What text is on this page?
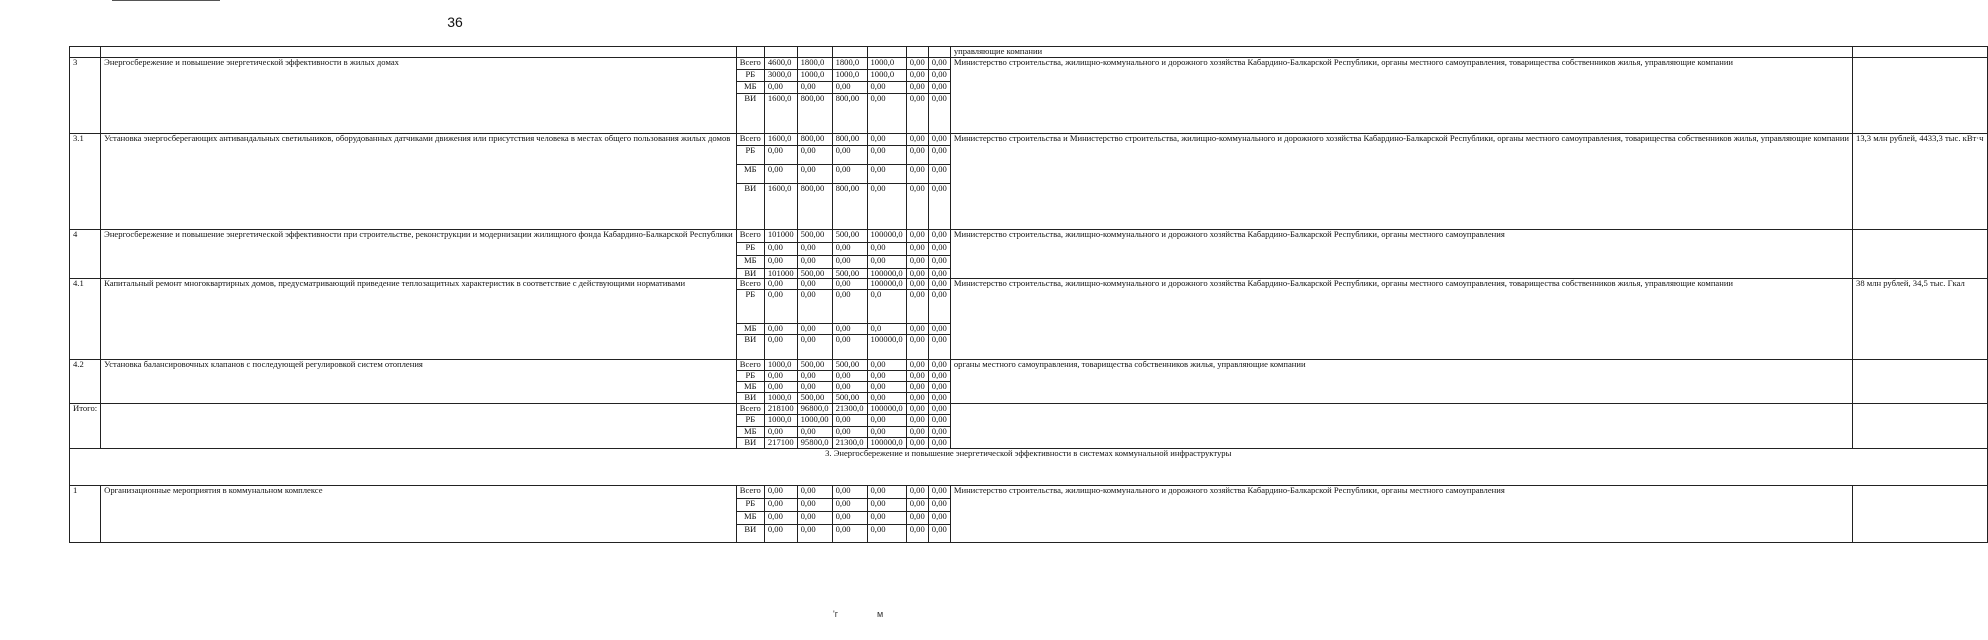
36
									управляющие компании	
3	Энергосбережение и повышение энергетической эффективности в жилых домах	Всего	4600,0	1800,0	1800,0	1000,0	0,00	0,00	Министерство строительства, жилищно-коммунального и дорожного хозяйства Кабардино-Балкарской Республики, органы местного самоуправления, товарищества собственников жилья, управляющие компании	
		РБ	3000,0	1000,0	1000,0	1000,0	0,00	0,00		
		МБ	0,00	0,00	0,00	0,00	0,00	0,00		
		ВИ	1600,0	800,00	800,00	0,00	0,00	0,00		
3.1	Установка энергосберегающих антивандальных светильников, оборудованных датчиками движения или присутствия человека в местах общего пользования жилых домов	Всего	1600,0	800,00	800,00	0,00	0,00	0,00	Министерство строительства и Министерство строительства, жилищно-коммунального и дорожного хозяйства Кабардино-Балкарской Республики, органы местного самоуправления, товарищества собственников жилья, управляющие компании	13,3 млн рублей, 4433,3 тыс. кВт·ч
		РБ	0,00	0,00	0,00	0,00	0,00	0,00		
		МБ	0,00	0,00	0,00	0,00	0,00	0,00		
		ВИ	1600,0	800,00	800,00	0,00	0,00	0,00		
4	Энергосбережение и повышение энергетической эффективности при строительстве, реконструкции и модернизации жилищного фонда Кабардино-Балкарской Республики	Всего	101000	500,00	500,00	100000,0	0,00	0,00	Министерство строительства, жилищно-коммунального и дорожного хозяйства Кабардино-Балкарской Республики, органы местного самоуправления	
		РБ	0,00	0,00	0,00	0,00	0,00	0,00		
		МБ	0,00	0,00	0,00	0,00	0,00	0,00		
		ВИ	101000	500,00	500,00	100000,0	0,00	0,00		
4.1	Капитальный ремонт многоквартирных домов, предусматривающий приведение теплозащитных характеристик в соответствие с действующими нормативами	Всего	0,00	0,00	0,00	100000,0	0,00	0,00	Министерство строительства, жилищно-коммунального и дорожного хозяйства Кабардино-Балкарской Республики, органы местного самоуправления, товарищества собственников жилья, управляющие компании	38 млн рублей, 34,5 тыс. Гкал
		РБ	0,00	0,00	0,00	0,0	0,00	0,00		
		МБ	0,00	0,00	0,00	0,0	0,00	0,00		
		ВИ	0,00	0,00	0,00	100000,0	0,00	0,00		
4.2	Установка балансировочных клапанов с последующей регулировкой систем отопления	Всего	1000,0	500,00	500,00	0,00	0,00	0,00	органы местного самоуправления, товарищества собственников жилья, управляющие компании	
		РБ	0,00	0,00	0,00	0,00	0,00	0,00		
		МБ	0,00	0,00	0,00	0,00	0,00	0,00		
		ВИ	1000,0	500,00	500,00	0,00	0,00	0,00		
Итого:		Всего	218100	96800,0	21300,0	100000,0	0,00	0,00		
		РБ	1000,0	1000,00	0,00	0,00	0,00	0,00		
		МБ	0,00	0,00	0,00	0,00	0,00	0,00		
		ВИ	217100	95800,0	21300,0	100000,0	0,00	0,00		
3. Энергосбережение и повышение энергетической эффективности в системах коммунальной инфраструктуры										
1	Организационные мероприятия в коммунальном комплексе	Всего	0,00	0,00	0,00	0,00	0,00	0,00	Министерство строительства, жилищно-коммунального и дорожного хозяйства Кабардино-Балкарской Республики, органы местного самоуправления	
		РБ	0,00	0,00	0,00	0,00	0,00	0,00		
		МБ	0,00	0,00	0,00	0,00	0,00	0,00		
		ВИ	0,00	0,00	0,00	0,00	0,00	0,00		
'г	м
